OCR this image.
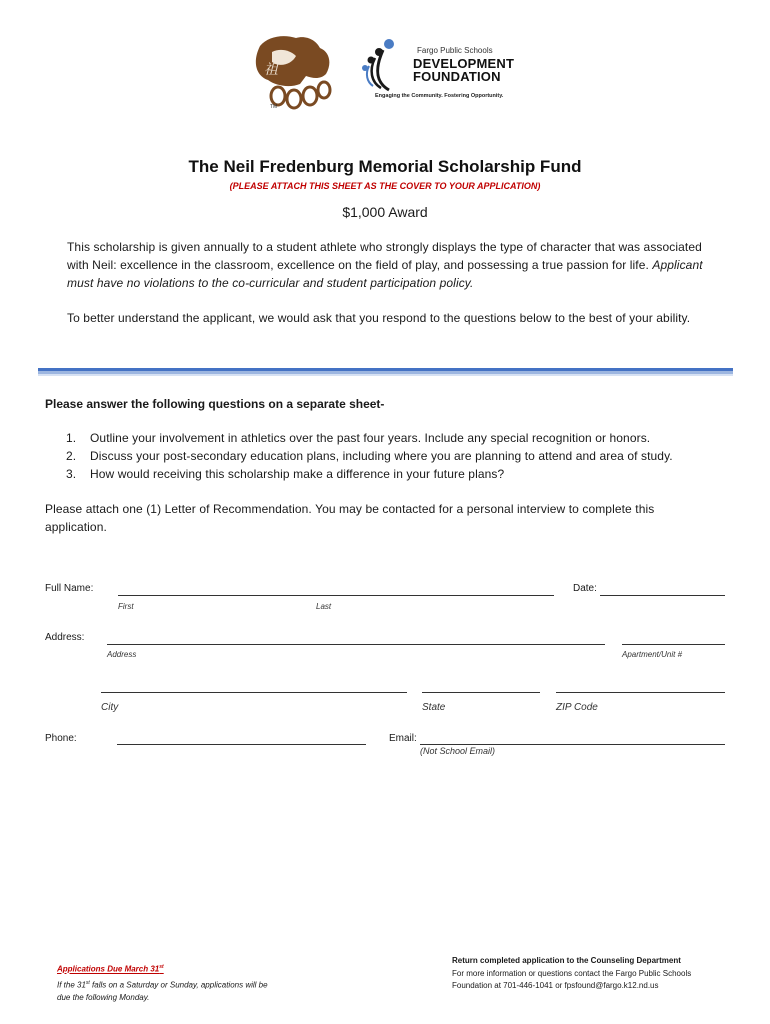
祖
TM
Fargo Public Schools
DEVELOPMENT
FOUNDATION
Engaging the Community. Fostering Opportunity.
The Neil Fredenburg Memorial Scholarship Fund
(PLEASE ATTACH THIS SHEET AS THE COVER TO YOUR APPLICATION)
$1,000 Award
This scholarship is given annually to a student athlete who strongly displays the type of character that was associated with Neil: excellence in the classroom, excellence on the field of play, and possessing a true passion for life. Applicant must have no violations to the co-curricular and student participation policy.
To better understand the applicant, we would ask that you respond to the questions below to the best of your ability.
Please answer the following questions on a separate sheet-
1.	Outline your involvement in athletics over the past four years. Include any special recognition or honors.
2.	Discuss your post-secondary education plans, including where you are planning to attend and area of study.
3.	How would receiving this scholarship make a difference in your future plans?
Please attach one (1) Letter of Recommendation. You may be contacted for a personal interview to complete this application.
Full Name:
First	Last
Date:
Address:
Address	Apartment/Unit #
City	State	ZIP Code
Phone:	Email:
(Not School Email)
Applications Due March 31st
If the 31st falls on a Saturday or Sunday, applications will be due the following Monday.
Return completed application to the Counseling Department
For more information or questions contact the Fargo Public Schools Foundation at 701-446-1041 or fpsfound@fargo.k12.nd.us
